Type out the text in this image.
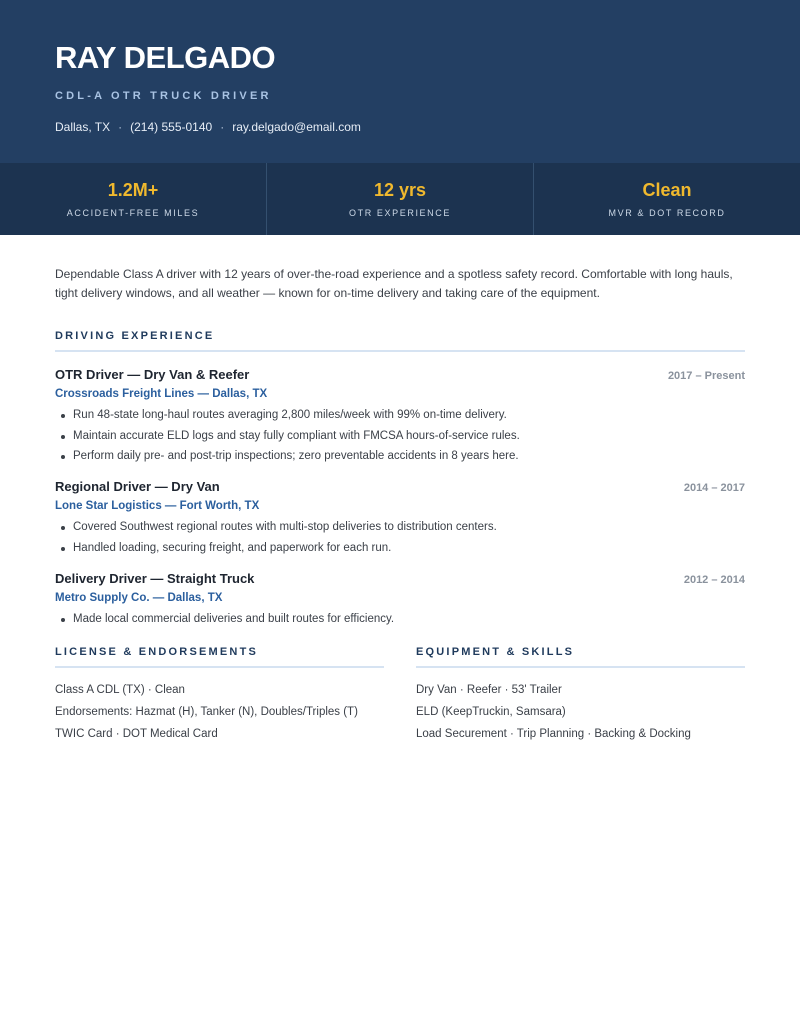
RAY DELGADO
CDL-A OTR TRUCK DRIVER
Dallas, TX · (214) 555-0140 · ray.delgado@email.com
1.2M+
ACCIDENT-FREE MILES
12 yrs
OTR EXPERIENCE
Clean
MVR & DOT RECORD

Dependable Class A driver with 12 years of over-the-road experience and a spotless safety record. Comfortable with long hauls, tight delivery windows, and all weather — known for on-time delivery and taking care of the equipment.

DRIVING EXPERIENCE
OTR Driver — Dry Van & Reefer	2017 – Present
Crossroads Freight Lines — Dallas, TX
Run 48-state long-haul routes averaging 2,800 miles/week with 99% on-time delivery.
Maintain accurate ELD logs and stay fully compliant with FMCSA hours-of-service rules.
Perform daily pre- and post-trip inspections; zero preventable accidents in 8 years here.
Regional Driver — Dry Van	2014 – 2017
Lone Star Logistics — Fort Worth, TX
Covered Southwest regional routes with multi-stop deliveries to distribution centers.
Handled loading, securing freight, and paperwork for each run.
Delivery Driver — Straight Truck	2012 – 2014
Metro Supply Co. — Dallas, TX
Made local commercial deliveries and built routes for efficiency.
LICENSE & ENDORSEMENTS
Class A CDL (TX) · Clean
Endorsements: Hazmat (H), Tanker (N), Doubles/Triples (T)
TWIC Card · DOT Medical Card
EQUIPMENT & SKILLS
Dry Van · Reefer · 53' Trailer
ELD (KeepTruckin, Samsara)
Load Securement · Trip Planning · Backing & Docking
